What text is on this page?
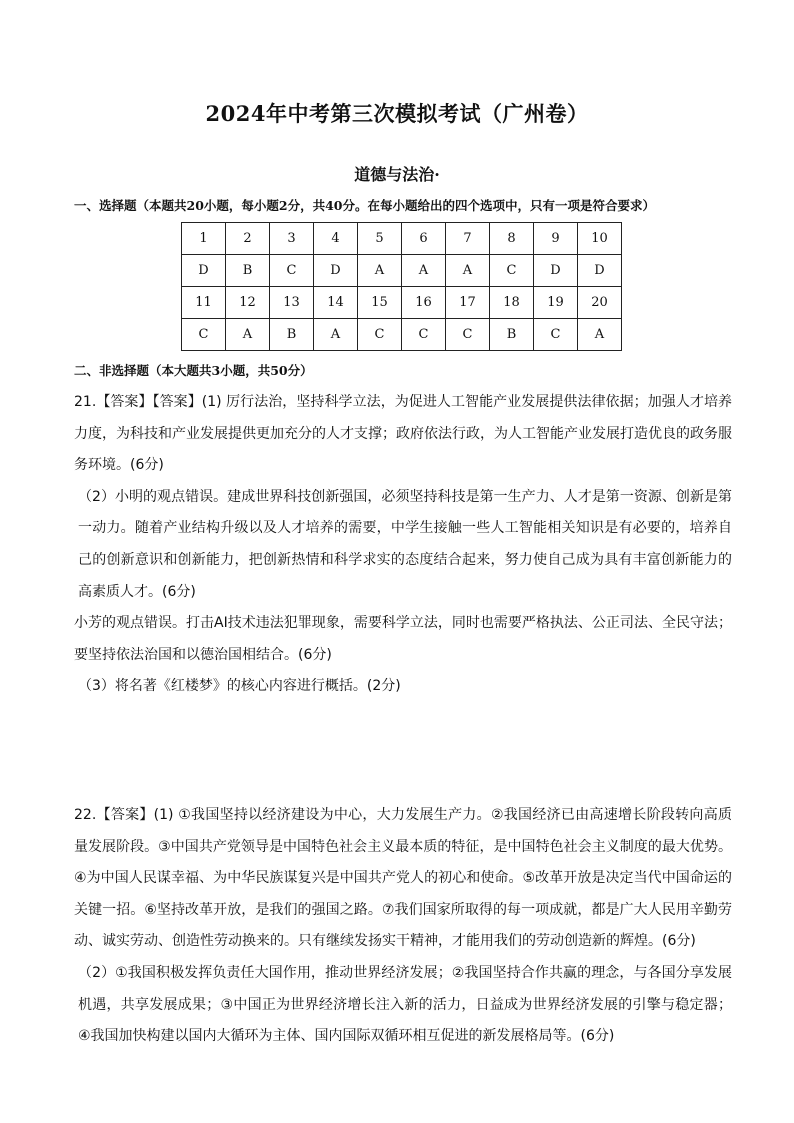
2024年中考第三次模拟考试（广州卷）
道德与法治·
一、选择题（本题共20小题，每小题2分，共40分。在每小题给出的四个选项中，只有一项是符合要求）
1	2	3	4	5	6	7	8	9	10
D	B	C	D	A	A	A	C	D	D
11	12	13	14	15	16	17	18	19	20
C	A	B	A	C	C	C	B	C	A
二、非选择题（本大题共3小题，共50分）
21.【答案】【答案】(1) 厉行法治，坚持科学立法，为促进人工智能产业发展提供法律依据；加强人才培养力度，为科技和产业发展提供更加充分的人才支撑；政府依法行政，为人工智能产业发展打造优良的政务服务环境。(6分)
（2）小明的观点错误。建成世界科技创新强国，必须坚持科技是第一生产力、人才是第一资源、创新是第一动力。随着产业结构升级以及人才培养的需要，中学生接触一些人工智能相关知识是有必要的，培养自己的创新意识和创新能力，把创新热情和科学求实的态度结合起来，努力使自己成为具有丰富创新能力的高素质人才。(6分)
小芳的观点错误。打击AI技术违法犯罪现象，需要科学立法，同时也需要严格执法、公正司法、全民守法；要坚持依法治国和以德治国相结合。(6分)
（3）将名著《红楼梦》的核心内容进行概括。(2分)
22.【答案】(1) ①我国坚持以经济建设为中心，大力发展生产力。②我国经济已由高速增长阶段转向高质量发展阶段。③中国共产党领导是中国特色社会主义最本质的特征，是中国特色社会主义制度的最大优势。④为中国人民谋幸福、为中华民族谋复兴是中国共产党人的初心和使命。⑤改革开放是决定当代中国命运的关键一招。⑥坚持改革开放，是我们的强国之路。⑦我们国家所取得的每一项成就，都是广大人民用辛勤劳动、诚实劳动、创造性劳动换来的。只有继续发扬实干精神，才能用我们的劳动创造新的辉煌。(6分)
（2）①我国积极发挥负责任大国作用，推动世界经济发展；②我国坚持合作共赢的理念，与各国分享发展机遇，共享发展成果；③中国正为世界经济增长注入新的活力，日益成为世界经济发展的引擎与稳定器；④我国加快构建以国内大循环为主体、国内国际双循环相互促进的新发展格局等。(6分)
